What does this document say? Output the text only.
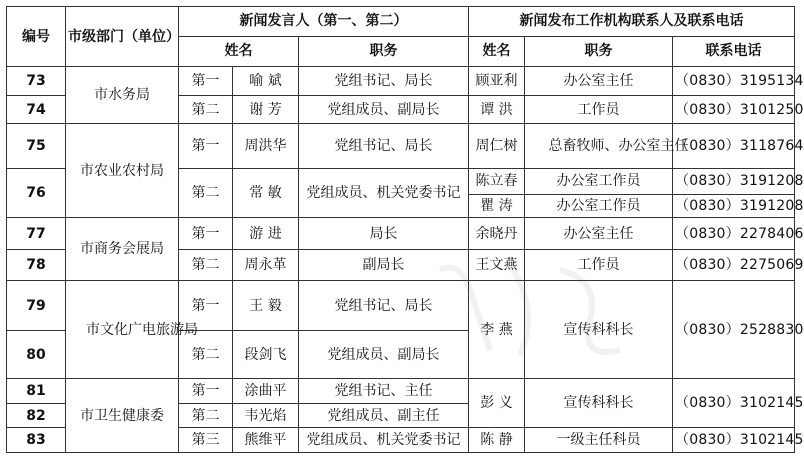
编号	市级部门（单位）	新闻发言人（第一、第二）			新闻发布工作机构联系人及联系电话		
		姓名		职务	姓名	职务	联系电话
73	市水务局	第一	喻 斌	党组书记、局长	顾亚利	办公室主任	（0830）3195134
74		第二	谢 芳	党组成员、副局长	谭 洪	工作员	（0830）3101250
75	市农业农村局	第一	周洪华	党组书记、局长	周仁树	总畜牧师、办公室主任	（0830）3118764
76		第二	常 敏	党组成员、机关党委书记	陈立春	办公室工作员	（0830）3191208
					瞿 涛	办公室工作员	（0830）3191208
77	市商务会展局	第一	游 进	局长	余晓丹	办公室主任	（0830）2278406
78		第二	周永革	副局长	王文燕	工作员	（0830）2275069
79	市文化广电旅游局	第一	王 毅	党组书记、局长	李 燕	宣传科科长	（0830）2528830
80		第二	段剑飞	党组成员、副局长			
81	市卫生健康委	第一	涂曲平	党组书记、主任	彭 义	宣传科科长	（0830）3102145
82		第二	韦光焰	党组成员、副主任			
83		第三	熊维平	党组成员、机关党委书记	陈 静	一级主任科员	（0830）3102145
